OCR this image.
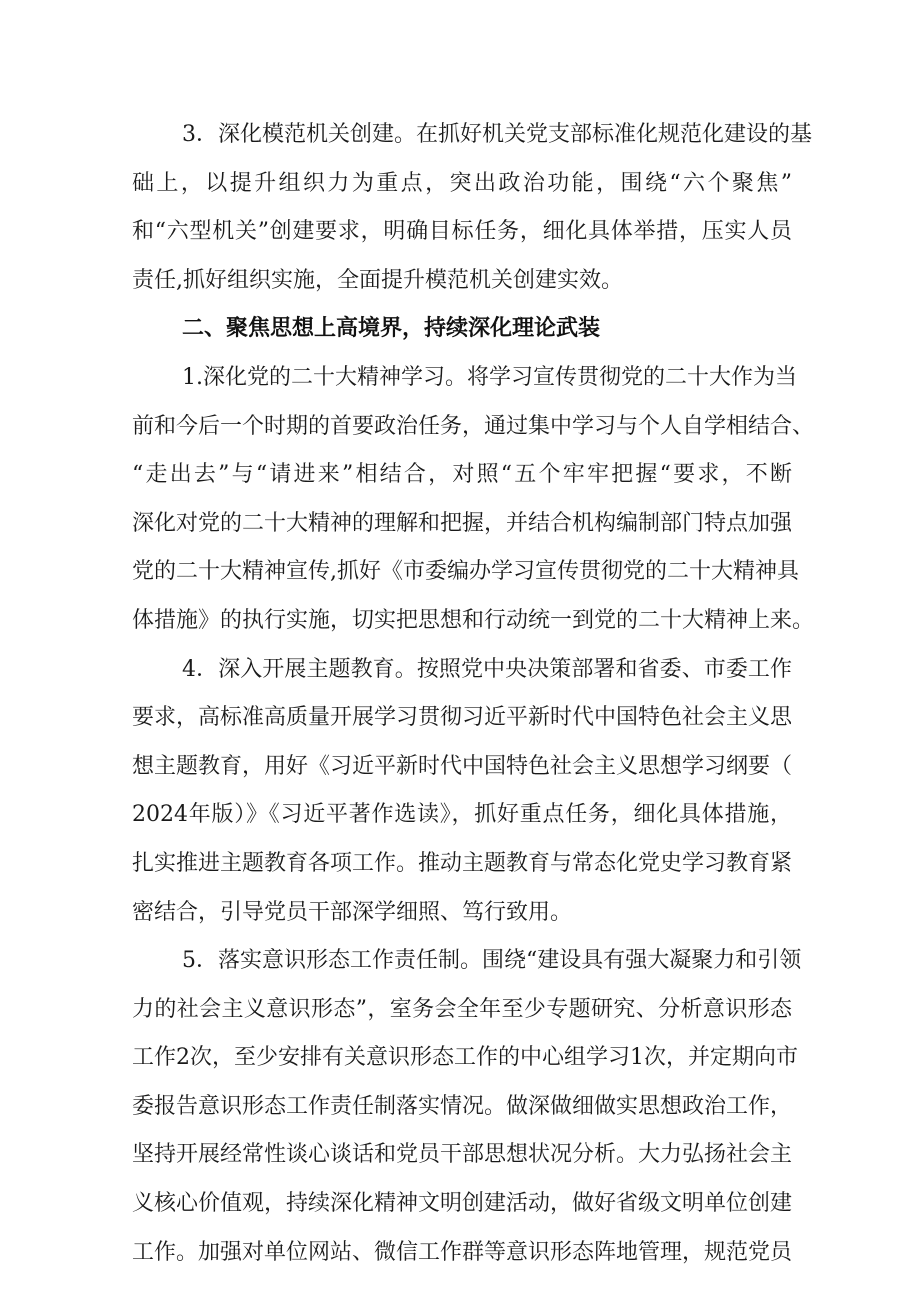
3．深化模范机关创建。在抓好机关党支部标准化规范化建设的基
础上，以提升组织力为重点，突出政治功能，围绕“六个聚焦”
和“六型机关”创建要求，明确目标任务，细化具体举措，压实人员
责任,抓好组织实施，全面提升模范机关创建实效。
二、聚焦思想上高境界，持续深化理论武装
1.深化党的二十大精神学习。将学习宣传贯彻党的二十大作为当
前和今后一个时期的首要政治任务，通过集中学习与个人自学相结合、
“走出去”与“请进来”相结合，对照“五个牢牢把握“要求，不断
深化对党的二十大精神的理解和把握，并结合机构编制部门特点加强
党的二十大精神宣传,抓好《市委编办学习宣传贯彻党的二十大精神具
体措施》的执行实施，切实把思想和行动统一到党的二十大精神上来。
4．深入开展主题教育。按照党中央决策部署和省委、市委工作
要求，高标准高质量开展学习贯彻习近平新时代中国特色社会主义思
想主题教育，用好《习近平新时代中国特色社会主义思想学习纲要（
2024年版）》《习近平著作选读》，抓好重点任务，细化具体措施，
扎实推进主题教育各项工作。推动主题教育与常态化党史学习教育紧
密结合，引导党员干部深学细照、笃行致用。
5．落实意识形态工作责任制。围绕“建设具有强大凝聚力和引领
力的社会主义意识形态”，室务会全年至少专题研究、分析意识形态
工作2次，至少安排有关意识形态工作的中心组学习1次，并定期向市
委报告意识形态工作责任制落实情况。做深做细做实思想政治工作，
坚持开展经常性谈心谈话和党员干部思想状况分析。大力弘扬社会主
义核心价值观，持续深化精神文明创建活动，做好省级文明单位创建
工作。加强对单位网站、微信工作群等意识形态阵地管理，规范党员
